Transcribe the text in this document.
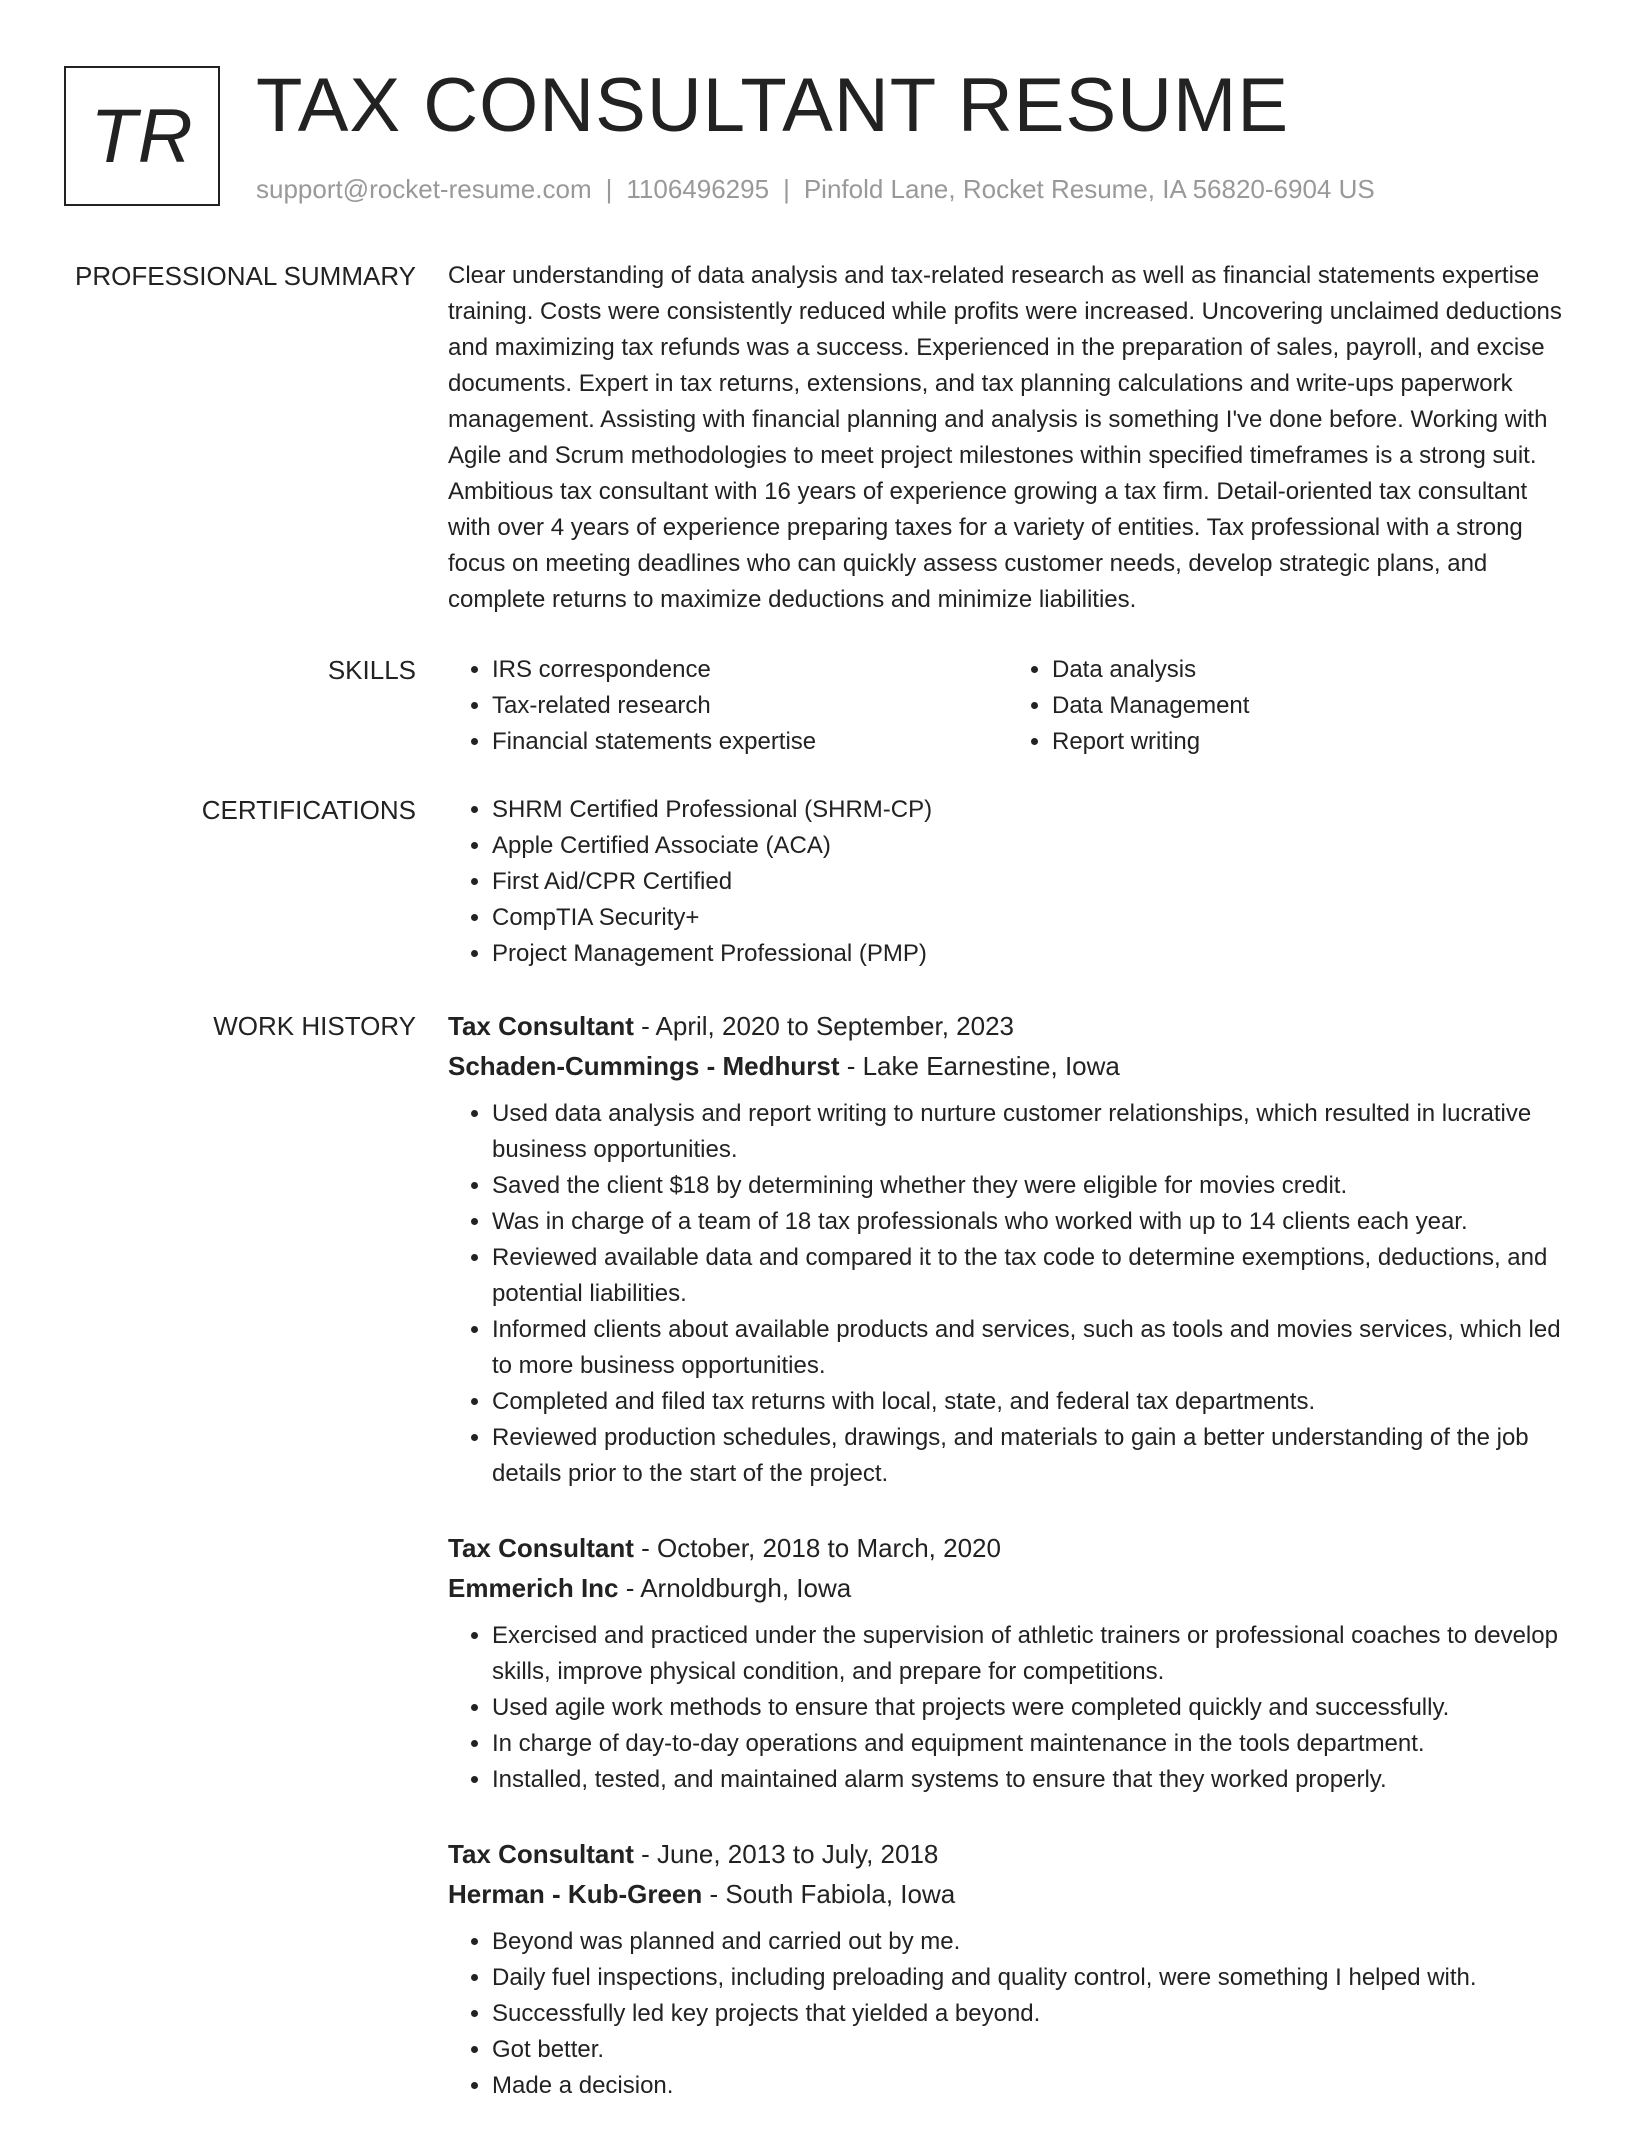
TR TAX CONSULTANT RESUME
support@rocket-resume.com | 1106496295 | Pinfold Lane, Rocket Resume, IA 56820-6904 US
PROFESSIONAL SUMMARY Clear understanding of data analysis and tax-related research as well as financial statements expertise training. Costs were consistently reduced while profits were increased. Uncovering unclaimed deductions and maximizing tax refunds was a success. Experienced in the preparation of sales, payroll, and excise documents. Expert in tax returns, extensions, and tax planning calculations and write-ups paperwork management. Assisting with financial planning and analysis is something I've done before. Working with Agile and Scrum methodologies to meet project milestones within specified timeframes is a strong suit. Ambitious tax consultant with 16 years of experience growing a tax firm. Detail-oriented tax consultant with over 4 years of experience preparing taxes for a variety of entities. Tax professional with a strong focus on meeting deadlines who can quickly assess customer needs, develop strategic plans, and complete returns to maximize deductions and minimize liabilities.
SKILLS	• IRS correspondence
• Tax-related research
• Financial statements expertise
• Data analysis
• Data Management
• Report writing
CERTIFICATIONS	• SHRM Certified Professional (SHRM-CP)
• Apple Certified Associate (ACA)
• First Aid/CPR Certified
• CompTIA Security+
• Project Management Professional (PMP)
WORK HISTORY Tax Consultant - April, 2020 to September, 2023
Schaden-Cummings - Medhurst - Lake Earnestine, Iowa
• Used data analysis and report writing to nurture customer relationships, which resulted in lucrative business opportunities.
• Saved the client $18 by determining whether they were eligible for movies credit.
• Was in charge of a team of 18 tax professionals who worked with up to 14 clients each year.
• Reviewed available data and compared it to the tax code to determine exemptions, deductions, and potential liabilities.
• Informed clients about available products and services, such as tools and movies services, which led to more business opportunities.
• Completed and filed tax returns with local, state, and federal tax departments.
• Reviewed production schedules, drawings, and materials to gain a better understanding of the job details prior to the start of the project.
Tax Consultant - October, 2018 to March, 2020
Emmerich Inc - Arnoldburgh, Iowa
• Exercised and practiced under the supervision of athletic trainers or professional coaches to develop skills, improve physical condition, and prepare for competitions.
• Used agile work methods to ensure that projects were completed quickly and successfully.
• In charge of day-to-day operations and equipment maintenance in the tools department.
• Installed, tested, and maintained alarm systems to ensure that they worked properly.
Tax Consultant - June, 2013 to July, 2018
Herman - Kub-Green - South Fabiola, Iowa
• Beyond was planned and carried out by me.
• Daily fuel inspections, including preloading and quality control, were something I helped with.
• Successfully led key projects that yielded a beyond.
• Got better.
• Made a decision.
